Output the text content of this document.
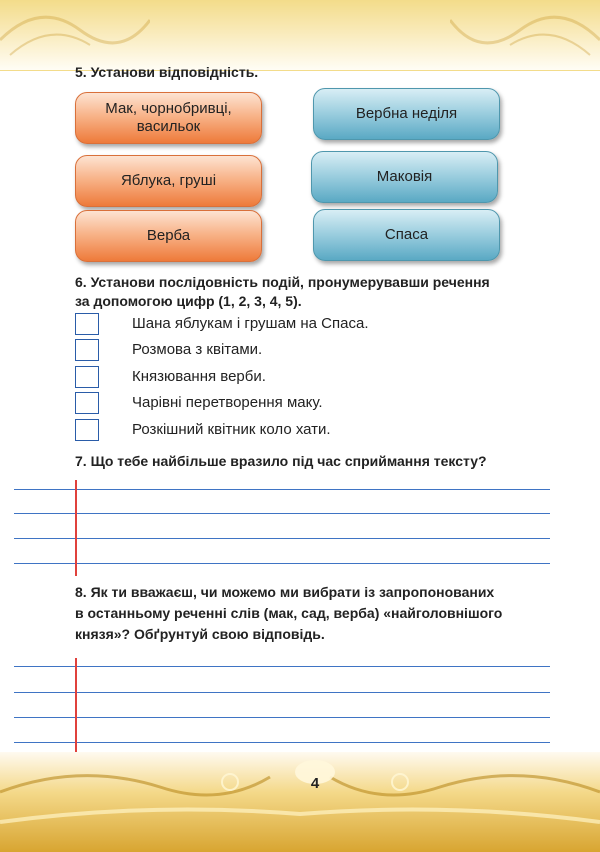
5. Установи відповідність.
Мак, чорнобривці, васильок
Яблука, груші
Верба
Вербна неділя
Маковія
Спаса
6. Установи послідовність подій, пронумерувавши речення
за допомогою цифр (1, 2, 3, 4, 5).
Шана яблукам і грушам на Спаса.
Розмова з квітами.
Князювання верби.
Чарівні перетворення маку.
Розкішний квітник коло хати.
7. Що тебе найбільше вразило під час сприймання тексту?
8. Як ти вважаєш, чи можемо ми вибрати із запропонованих
в останньому реченні слів (мак, сад, верба) «найголовнішого
князя»? Обґрунтуй свою відповідь.
4
